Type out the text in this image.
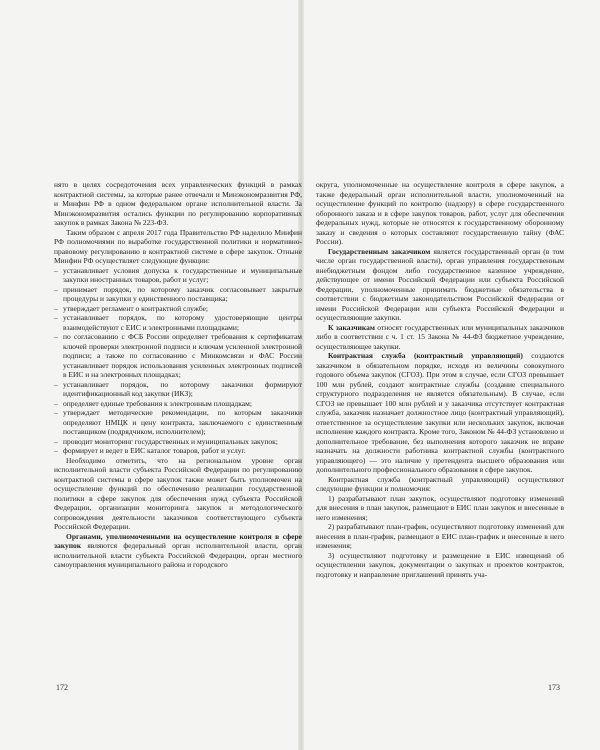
нято в целях сосредоточения всех управленческих функций в рамках контрактной системы, за которые ранее отвечали и Минэкономразвития РФ, и Минфин РФ в одном федеральном органе исполнительной власти. За Минэкономразвития остались функции по регулированию корпоративных закупок в рамках Закона № 223-ФЗ.

Таким образом с апреля 2017 года Правительство РФ наделило Минфин РФ полномочиями по выработке государственной политики и нормативно-правовому регулированию в контрактной системе в сфере закупок. Отныне Минфин РФ осуществляет следующие функции:

– устанавливает условия допуска к государственные и муниципальные закупки иностранных товаров, работ и услуг;

– принимает порядок, по которому заказчик согласовывает закрытые процедуры и закупки у единственного поставщика;

– утверждает регламент о контрактной службе;

– устанавливает порядок, по которому удостоверяющие центры взаимодействуют с ЕИС и электронными площадками;

– по согласованию с ФСБ России определяет требования к сертификатам ключей проверки электронной подписи и ключам усиленной электронной подписи; а также по согласованию с Минкомсвязи и ФАС России устанавливает порядок использования усиленных электронных подписей в ЕИС и на электронных площадках;

– устанавливает порядок, по которому заказчики формируют идентификационный код закупки (ИКЗ);

– определяет единые требования к электронным площадкам;

– утверждает методические рекомендации, по которым заказчики определяют НМЦК и цену контракта, заключаемого с единственным поставщиком (подрядчиком, исполнителем);

– проводит мониторинг государственных и муниципальных закупок;

– формирует и ведет в ЕИС каталог товаров, работ и услуг.

Необходимо отметить, что на региональном уровне орган исполнительной власти субъекта Российской Федерации по регулированию контрактной системы в сфере закупок также может быть уполномочен на осуществление функций по обеспечению реализации государственной политики в сфере закупок для обеспечения нужд субъекта Российской Федерации, организации мониторинга закупок и методологического сопровождения деятельности заказчиков соответствующего субъекта Российской Федерации.

Органами, уполномоченными на осуществление контроля в сфере закупок являются федеральный орган исполнительной власти, орган исполнительной власти субъекта Российской Федерации, орган местного самоуправления муниципального района и городского

172

округа, уполномоченные на осуществление контроля в сфере закупок, а также федеральный орган исполнительной власти, уполномоченный на осуществление функций по контролю (надзору) в сфере государственного оборонного заказа и в сфере закупок товаров, работ, услуг для обеспечения федеральных нужд, которые не относятся к государственному оборонному заказу и сведения о которых составляют государственную тайну (ФАС России).

Государственным заказчиком является государственный орган (в том числе орган государственной власти), орган управления государственным внебюджетным фондом либо государственное казенное учреждение, действующее от имени Российской Федерации или субъекта Российской Федерации, уполномоченные принимать бюджетные обязательства в соответствии с бюджетным законодательством Российской Федерации от имени Российской Федерации или субъекта Российской Федерации и осуществляющие закупки.

К заказчикам относят государственных или муниципальных заказчиков либо в соответствии с ч. 1 ст. 15 Закона № 44-ФЗ бюджетное учреждение, осуществляющее закупки.

Контрактная служба (контрактный управляющий) создаются заказчиком в обязательном порядке, исходя из величины совокупного годового объема закупок (СГОЗ). При этом в случае, если СГОЗ превышает 100 млн рублей, создают контрактные службы (создание специального структурного подразделения не является обязательным). В случае, если СГОЗ не превышает 100 млн рублей и у заказчика отсутствует контрактная служба, заказчик назначает должностное лицо (контрактный управляющий), ответственное за осуществление закупки или нескольких закупок, включая исполнение каждого контракта. Кроме того, Законом № 44-ФЗ установлено и дополнительное требование, без выполнения которого заказчик не вправе назначать на должности работника контрактной службы (контрактного управляющего) — это наличие у претендента высшего образования или дополнительного профессионального образования в сфере закупок.

Контрактная служба (контрактный управляющий) осуществляют следующие функции и полномочия:

1) разрабатывают план закупок, осуществляют подготовку изменений для внесения в план закупок, размещают в ЕИС план закупок и внесенные в него изменения;

2) разрабатывают план-график, осуществляют подготовку изменений для внесения в план-график, размещают в ЕИС план-график и внесенные в него изменения;

3) осуществляют подготовку и размещение в ЕИС извещений об осуществлении закупок, документации о закупках и проектов контрактов, подготовку и направление приглашений принять уча-

173
